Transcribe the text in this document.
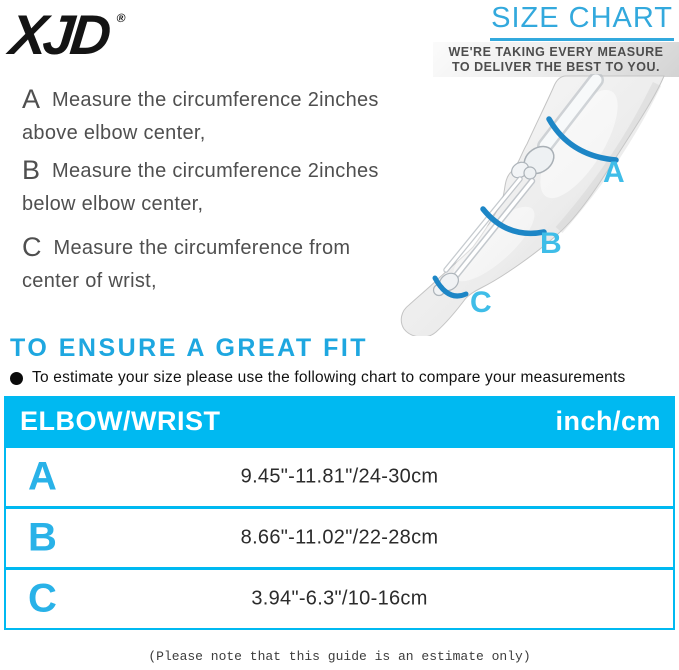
XJD ®	SIZE CHART
WE'RE TAKING EVERY MEASURE
TO DELIVER THE BEST TO YOU.
A Measure the circumference 2inches
above elbow center,
B Measure the circumference 2inches
below elbow center,
C Measure the circumference from
center of wrist,
A
B
C
TO ENSURE A GREAT FIT
To estimate your size please use the following chart to compare your measurements
ELBOW/WRIST	inch/cm
A	9.45"-11.81"/24-30cm
B	8.66"-11.02"/22-28cm
C	3.94"-6.3"/10-16cm
(Please note that this guide is an estimate only)
